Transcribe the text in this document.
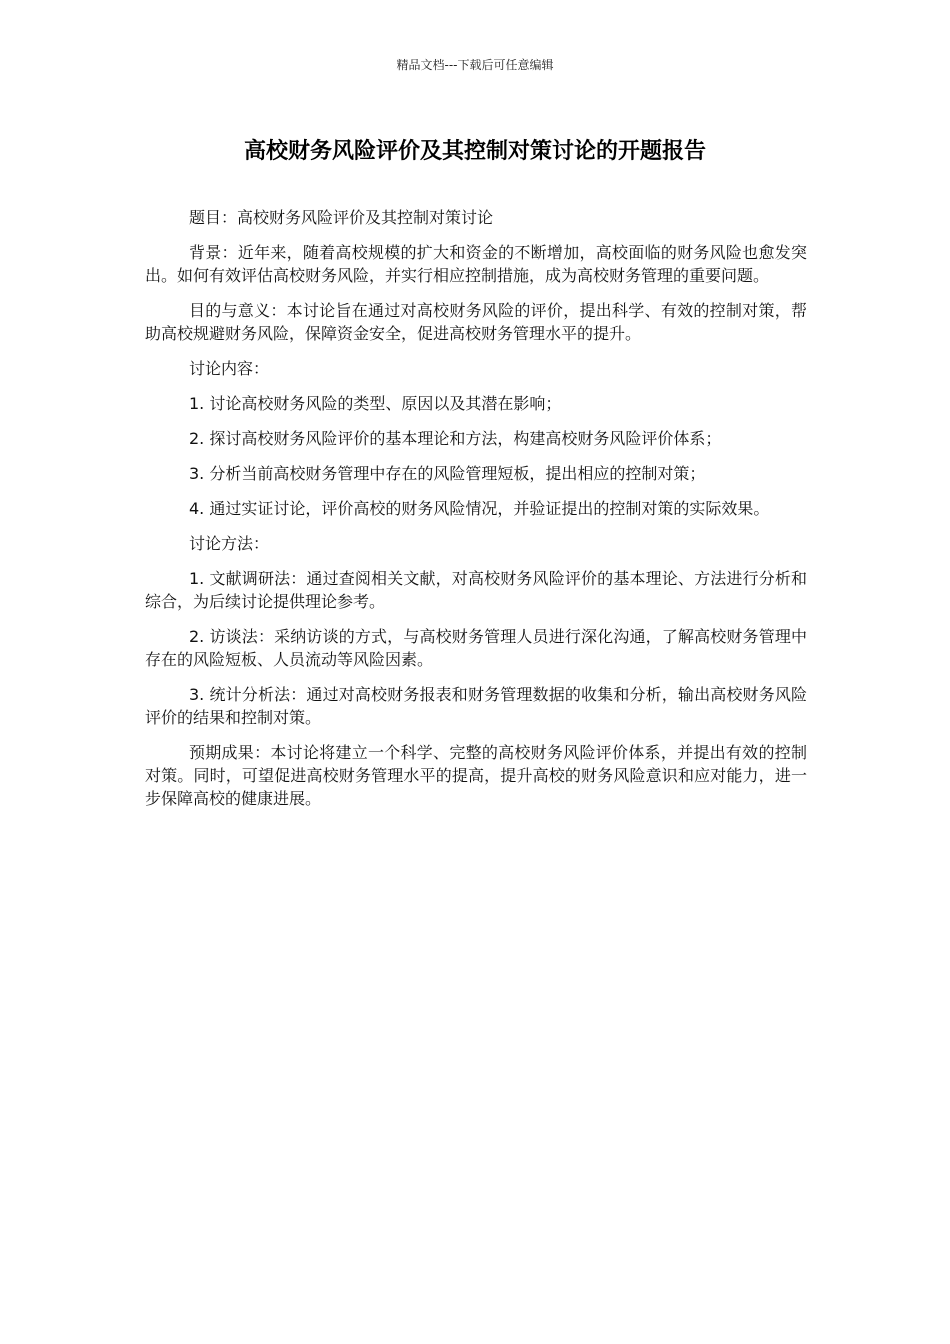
精品文档---下载后可任意编辑
高校财务风险评价及其控制对策讨论的开题报告

题目：高校财务风险评价及其控制对策讨论

背景：近年来，随着高校规模的扩大和资金的不断增加，高校面临的财务风险也愈发突出。如何有效评估高校财务风险，并实行相应控制措施，成为高校财务管理的重要问题。

目的与意义：本讨论旨在通过对高校财务风险的评价，提出科学、有效的控制对策，帮助高校规避财务风险，保障资金安全，促进高校财务管理水平的提升。

讨论内容：

1. 讨论高校财务风险的类型、原因以及其潜在影响；

2. 探讨高校财务风险评价的基本理论和方法，构建高校财务风险评价体系；

3. 分析当前高校财务管理中存在的风险管理短板，提出相应的控制对策；

4. 通过实证讨论，评价高校的财务风险情况，并验证提出的控制对策的实际效果。

讨论方法：

1. 文献调研法：通过查阅相关文献，对高校财务风险评价的基本理论、方法进行分析和综合，为后续讨论提供理论参考。

2. 访谈法：采纳访谈的方式，与高校财务管理人员进行深化沟通，了解高校财务管理中存在的风险短板、人员流动等风险因素。

3. 统计分析法：通过对高校财务报表和财务管理数据的收集和分析，输出高校财务风险评价的结果和控制对策。

预期成果：本讨论将建立一个科学、完整的高校财务风险评价体系，并提出有效的控制对策。同时，可望促进高校财务管理水平的提高，提升高校的财务风险意识和应对能力，进一步保障高校的健康进展。
